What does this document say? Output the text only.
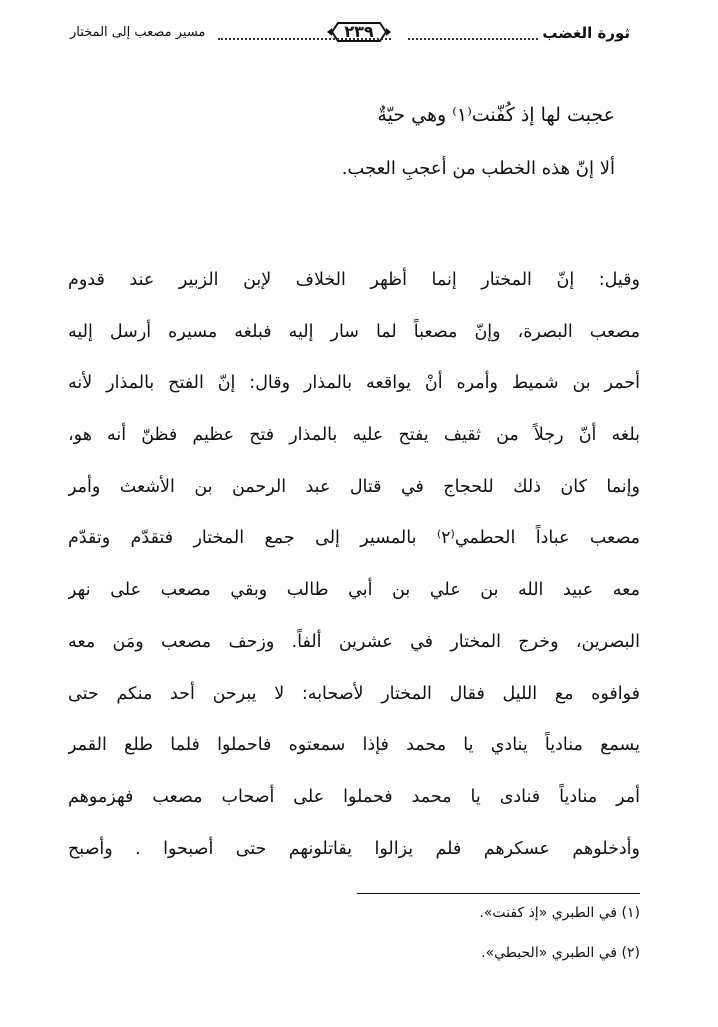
ثورة الغضب
٢٣٩
مسير مصعب إلى المختار
عجبت لها إذ كُفّنت⁽١⁾ وهي حيّةٌ
ألا إنّ هذه الخطب من أعجبِ العجب.
وقيل: إنّ المختار إنما أظهر الخلاف لإبن الزبير عند قدوم
مصعب البصرة، وإنّ مصعباً لما سار إليه فبلغه مسيره أرسل إليه
أحمر بن شميط وأمره أنْ يواقعه بالمذار وقال: إنّ الفتح بالمذار لأنه
بلغه أنّ رجلاً من ثقيف يفتح عليه بالمذار فتح عظيم فظنّ أنه هو،
وإنما كان ذلك للحجاج في قتال عبد الرحمن بن الأشعث وأمر
مصعب عباداً الحطمي⁽٢⁾ بالمسير إلى جمع المختار فتقدّم وتقدّم
معه عبيد الله بن علي بن أبي طالب وبقي مصعب على نهر
البصرين، وخرج المختار في عشرين ألفاً. وزحف مصعب ومَن معه
فوافوه مع الليل فقال المختار لأصحابه: لا يبرحن أحد منكم حتى
يسمع منادياً ينادي يا محمد فإذا سمعتوه فاحملوا فلما طلع القمر
أمر منادياً فنادى يا محمد فحملوا على أصحاب مصعب فهزموهم
وأدخلوهم عسكرهم فلم يزالوا يقاتلونهم حتى أصبحوا . وأصبح
(١) في الطبري «إذ كفنت».
(٢) في الطبري «الحبطي».
